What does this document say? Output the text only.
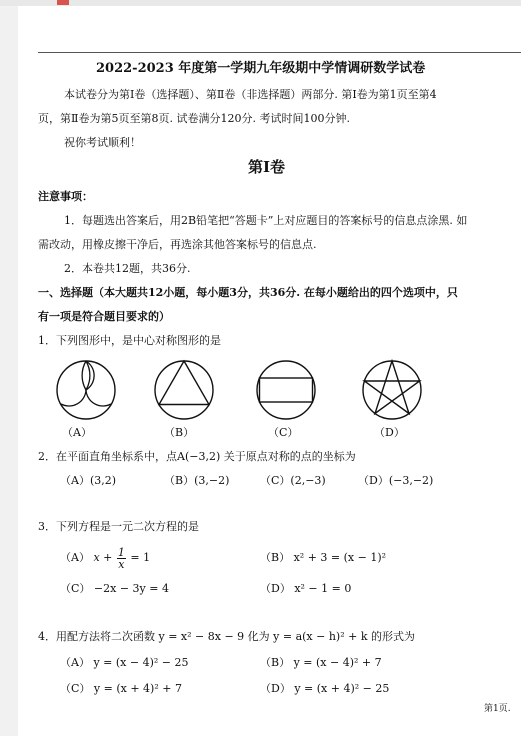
2022-2023 年度第一学期九年级期中学情调研数学试卷
本试卷分为第Ⅰ卷（选择题）、第Ⅱ卷（非选择题）两部分. 第Ⅰ卷为第1页至第4
页，第Ⅱ卷为第5页至第8页. 试卷满分120分. 考试时间100分钟.
祝你考试顺利！
第Ⅰ卷
注意事项：
1．每题选出答案后，用2B铅笔把“答题卡”上对应题目的答案标号的信息点涂黑. 如
需改动，用橡皮擦干净后，再选涂其他答案标号的信息点.
2．本卷共12题，共36分.
一、选择题（本大题共12小题，每小题3分，共36分. 在每小题给出的四个选项中，只
有一项是符合题目要求的）
1．下列图形中，是中心对称图形的是
（A）	（B）	（C）	（D）
2．在平面直角坐标系中，点A(−3,2) 关于原点对称的点的坐标为
（A）(3,2)	（B）(3,−2)	（C）(2,−3)	（D）(−3,−2)
3．下列方程是一元二次方程的是
（A） $x + \frac{1}{x} = 1$	（B） x² + 3 = (x − 1)²
（C） −2x − 3y = 4	（D） x² − 1 = 0
4．用配方法将二次函数 y = x² − 8x − 9 化为 y = a(x − h)² + k 的形式为
（A） y = (x − 4)² − 25	（B） y = (x − 4)² + 7
（C） y = (x + 4)² + 7	（D） y = (x + 4)² − 25
第1页.
